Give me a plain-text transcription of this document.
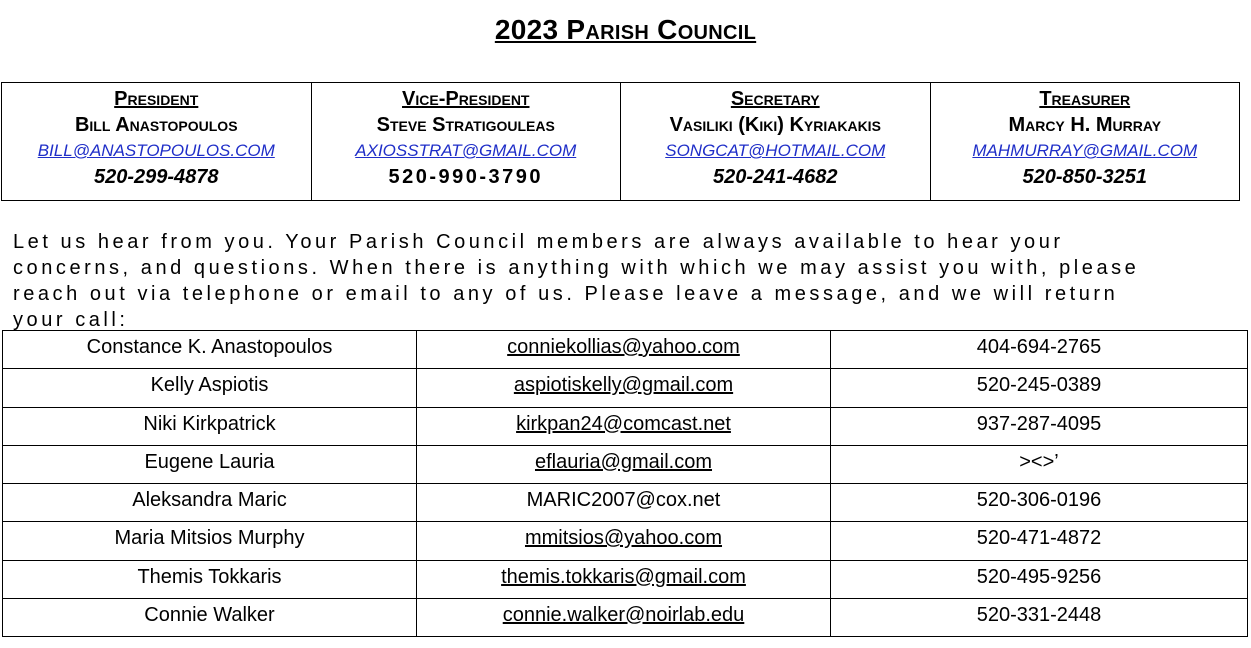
2023 Parish Council
President
Bill Anastopoulos
BILL@ANASTOPOULOS.COM
520-299-4878

Vice-President
Steve Stratigouleas
AXIOSSTRAT@GMAIL.COM
520-990-3790

Secretary
Vasiliki (Kiki) Kyriakakis
SONGCAT@HOTMAIL.COM
520-241-4682

Treasurer
Marcy H. Murray
MAHMURRAY@GMAIL.COM
520-850-3251
Let us hear from you. Your Parish Council members are always available to hear your
concerns, and questions. When there is anything with which we may assist you with, please
reach out via telephone or email to any of us. Please leave a message, and we will return
your call:
Constance K. Anastopoulos	conniekollias@yahoo.com	404-694-2765
Kelly Aspiotis	aspiotiskelly@gmail.com	520-245-0389
Niki Kirkpatrick	kirkpan24@comcast.net	937-287-4095
Eugene Lauria	eflauria@gmail.com	><>’
Aleksandra Maric	MARIC2007@cox.net	520-306-0196
Maria Mitsios Murphy	mmitsios@yahoo.com	520-471-4872
Themis Tokkaris	themis.tokkaris@gmail.com	520-495-9256
Connie Walker	connie.walker@noirlab.edu	520-331-2448
